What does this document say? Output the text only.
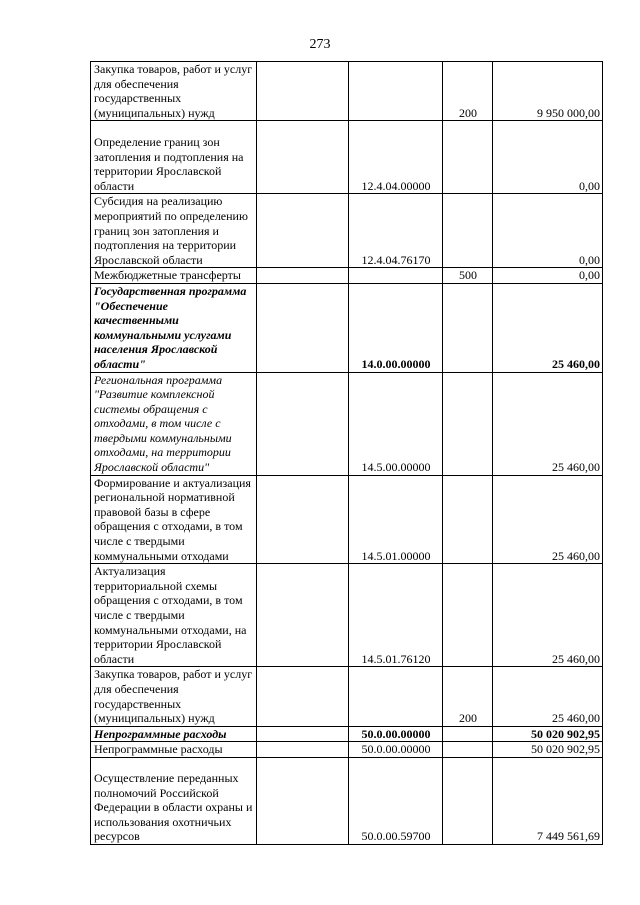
273
Закупка товаров, работ и услуг для обеспечения государственных (муниципальных) нужд			200	9 950 000,00
Определение границ зон затопления и подтопления на территории Ярославской области		12.4.04.00000		0,00
Субсидия на реализацию мероприятий по определению границ зон затопления и подтопления на территории Ярославской области		12.4.04.76170		0,00
Межбюджетные трансферты			500	0,00
Государственная программа "Обеспечение качественными коммунальными услугами населения Ярославской области"		14.0.00.00000		25 460,00
Региональная программа "Развитие комплексной системы обращения с отходами, в том числе с твердыми коммунальными отходами, на территории Ярославской области"		14.5.00.00000		25 460,00
Формирование и актуализация региональной нормативной правовой базы в сфере обращения с отходами, в том числе с твердыми коммунальными отходами		14.5.01.00000		25 460,00
Актуализация территориальной схемы обращения с отходами, в том числе с твердыми коммунальными отходами, на территории Ярославской области		14.5.01.76120		25 460,00
Закупка товаров, работ и услуг для обеспечения государственных (муниципальных) нужд			200	25 460,00
Непрограммные расходы		50.0.00.00000		50 020 902,95
Непрограммные расходы		50.0.00.00000		50 020 902,95
Осуществление переданных полномочий Российской Федерации в области охраны и использования охотничьих ресурсов		50.0.00.59700		7 449 561,69
